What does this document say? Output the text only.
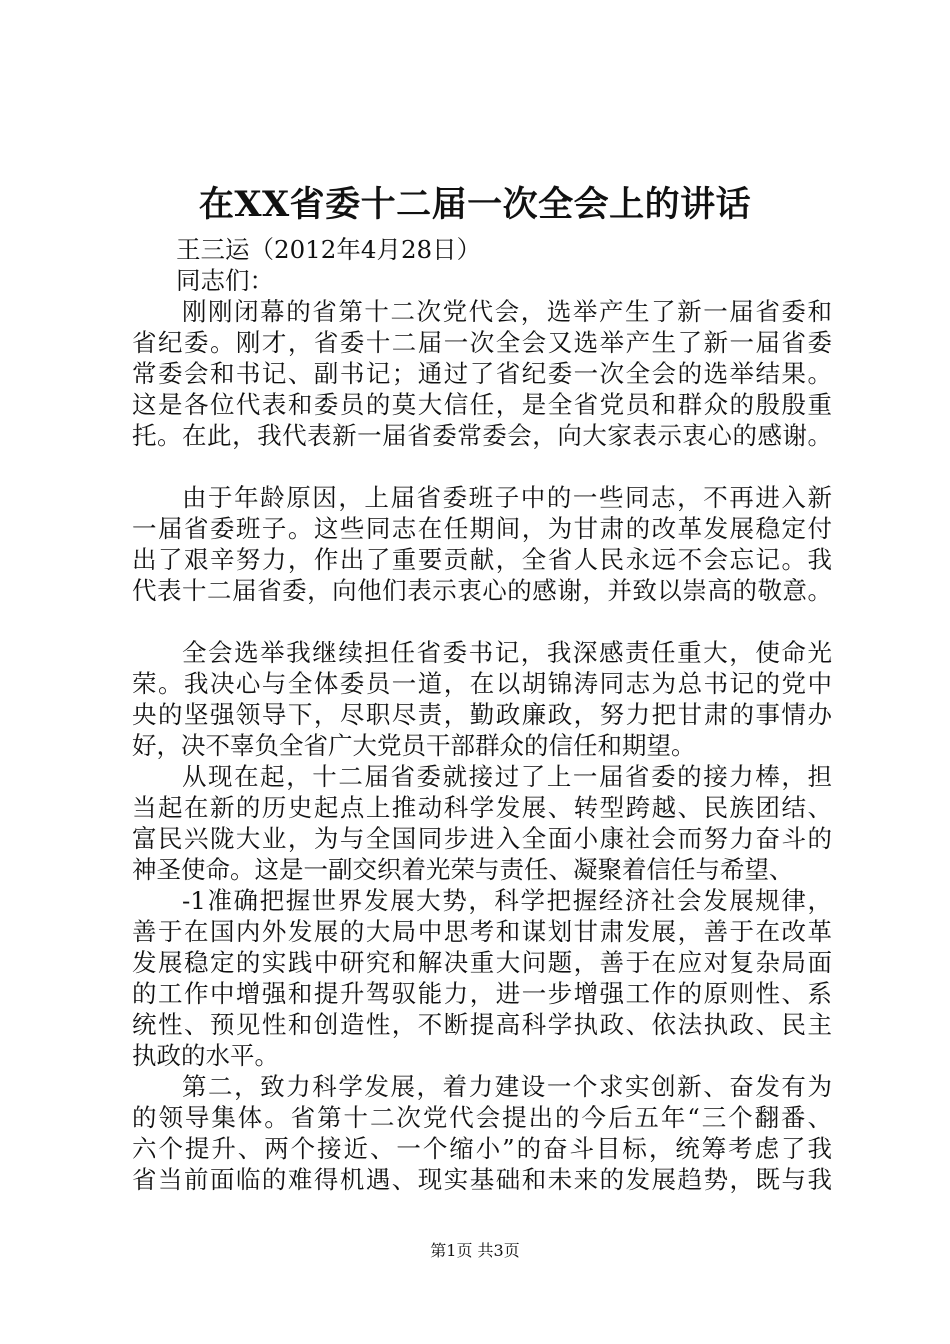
在XX省委十二届一次全会上的讲话
王三运（2012年4月28日）
同志们：
刚刚闭幕的省第十二次党代会，选举产生了新一届省委和
省纪委。刚才，省委十二届一次全会又选举产生了新一届省委
常委会和书记、副书记；通过了省纪委一次全会的选举结果。
这是各位代表和委员的莫大信任，是全省党员和群众的殷殷重
托。在此，我代表新一届省委常委会，向大家表示衷心的感谢。
由于年龄原因，上届省委班子中的一些同志，不再进入新
一届省委班子。这些同志在任期间，为甘肃的改革发展稳定付
出了艰辛努力，作出了重要贡献，全省人民永远不会忘记。我
代表十二届省委，向他们表示衷心的感谢，并致以崇高的敬意。
全会选举我继续担任省委书记，我深感责任重大，使命光
荣。我决心与全体委员一道，在以胡锦涛同志为总书记的党中
央的坚强领导下，尽职尽责，勤政廉政，努力把甘肃的事情办
好，决不辜负全省广大党员干部群众的信任和期望。
从现在起，十二届省委就接过了上一届省委的接力棒，担
当起在新的历史起点上推动科学发展、转型跨越、民族团结、
富民兴陇大业，为与全国同步进入全面小康社会而努力奋斗的
神圣使命。这是一副交织着光荣与责任、凝聚着信任与希望、
-1准确把握世界发展大势，科学把握经济社会发展规律，
善于在国内外发展的大局中思考和谋划甘肃发展，善于在改革
发展稳定的实践中研究和解决重大问题，善于在应对复杂局面
的工作中增强和提升驾驭能力，进一步增强工作的原则性、系
统性、预见性和创造性，不断提高科学执政、依法执政、民主
执政的水平。
第二，致力科学发展，着力建设一个求实创新、奋发有为
的领导集体。省第十二次党代会提出的今后五年“三个翻番、
六个提升、两个接近、一个缩小”的奋斗目标，统筹考虑了我
省当前面临的难得机遇、现实基础和未来的发展趋势，既与我
第1页 共3页
